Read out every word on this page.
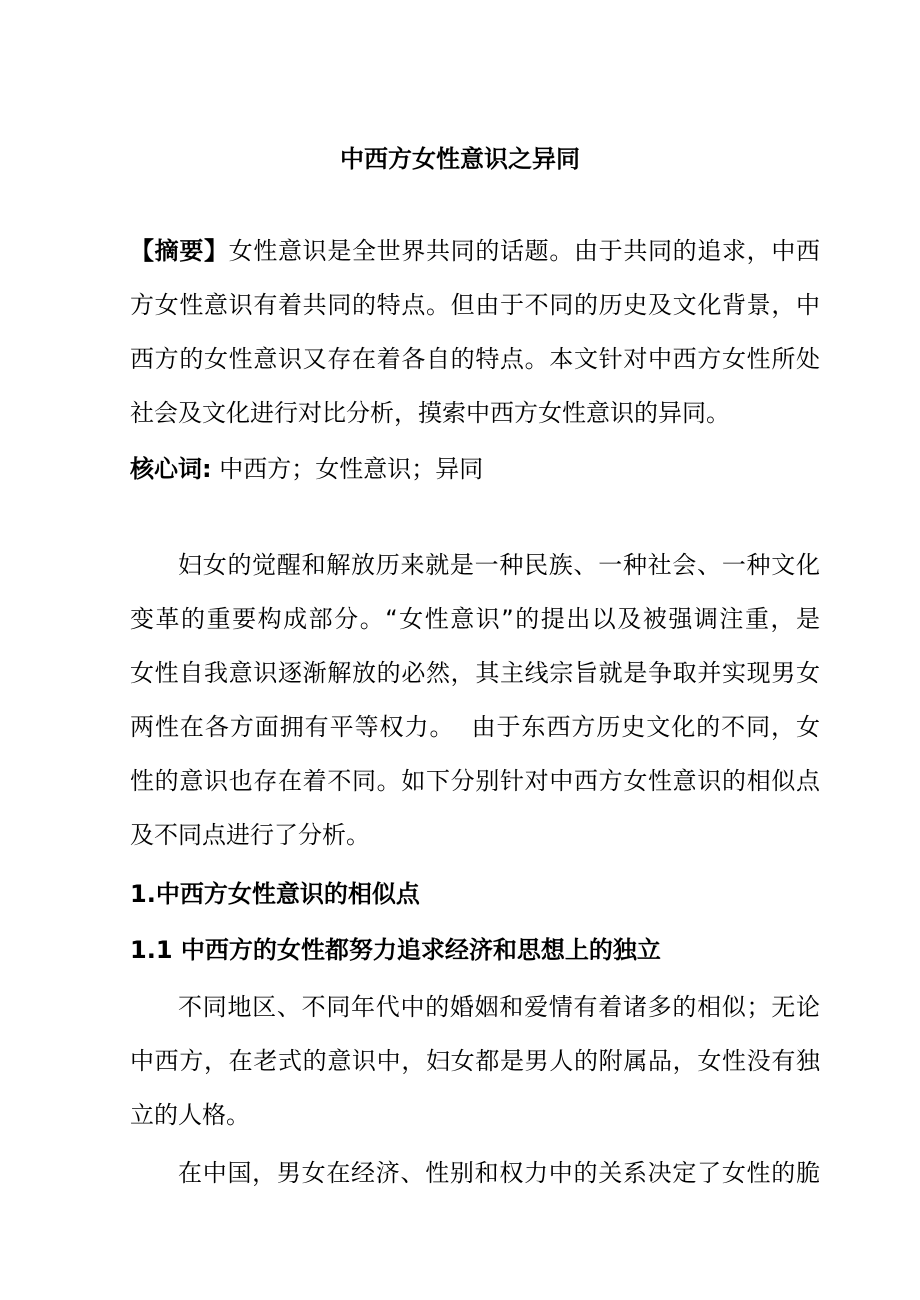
中西方女性意识之异同
【摘要】女性意识是全世界共同的话题。由于共同的追求，中西
方女性意识有着共同的特点。但由于不同的历史及文化背景，中
西方的女性意识又存在着各自的特点。本文针对中西方女性所处
社会及文化进行对比分析，摸索中西方女性意识的异同。
核心词: 中西方；女性意识；异同
妇女的觉醒和解放历来就是一种民族、一种社会、一种文化
变革的重要构成部分。“女性意识”的提出以及被强调注重，是
女性自我意识逐渐解放的必然，其主线宗旨就是争取并实现男女
两性在各方面拥有平等权力。  由于东西方历史文化的不同，女
性的意识也存在着不同。如下分别针对中西方女性意识的相似点
及不同点进行了分析。
1.中西方女性意识的相似点
1.1 中西方的女性都努力追求经济和思想上的独立
不同地区、不同年代中的婚姻和爱情有着诸多的相似；无论
中西方，在老式的意识中，妇女都是男人的附属品，女性没有独
立的人格。
在中国，男女在经济、性别和权力中的关系决定了女性的脆
